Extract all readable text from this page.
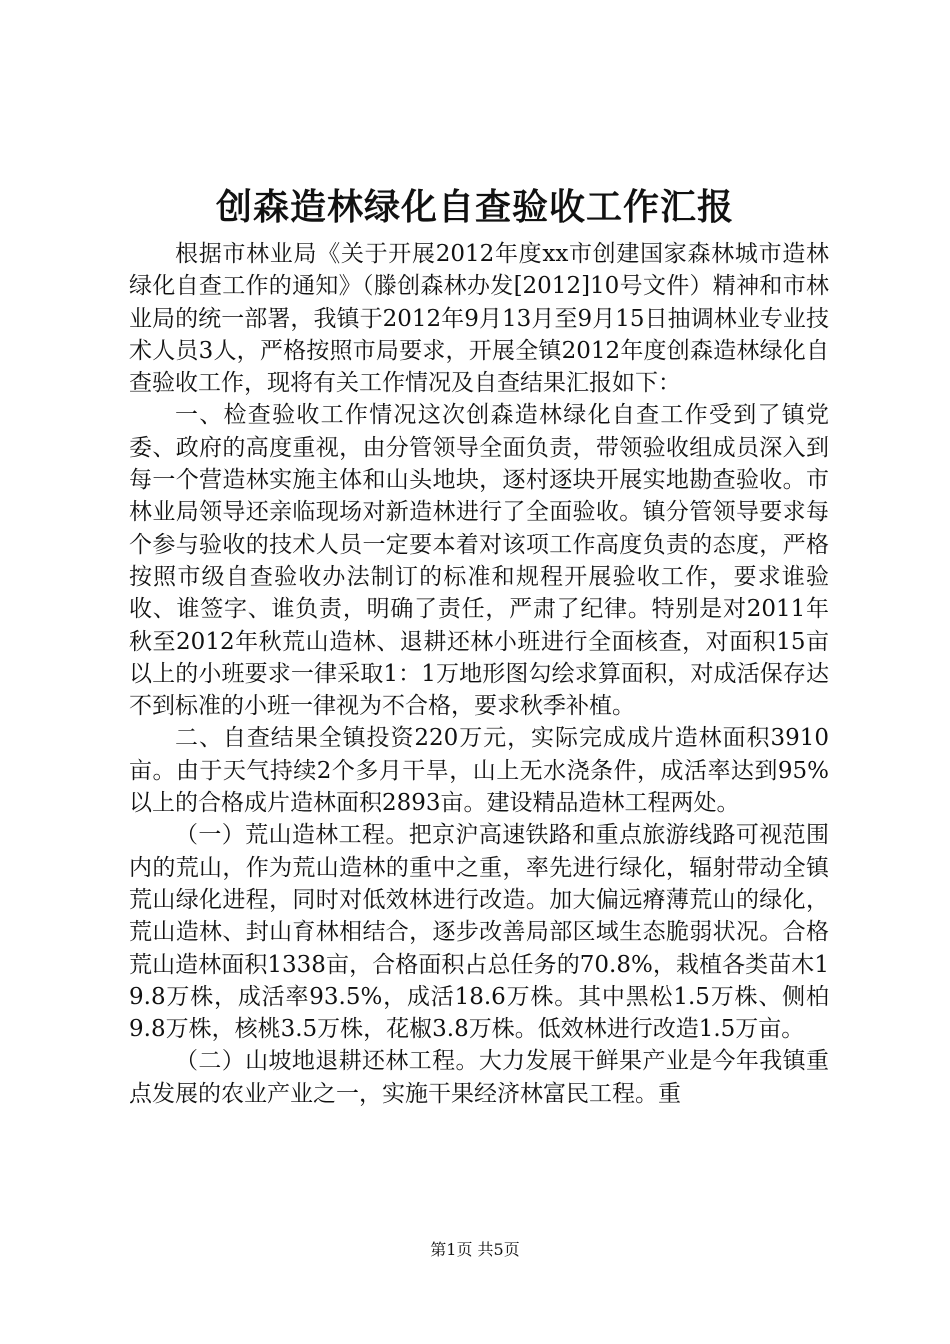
创森造林绿化自查验收工作汇报

根据市林业局《关于开展2012年度xx市创建国家森林城市造林绿化自查工作的通知》（滕创森林办发[2012]10号文件）精神和市林业局的统一部署，我镇于2012年9月13月至9月15日抽调林业专业技术人员3人，严格按照市局要求，开展全镇2012年度创森造林绿化自查验收工作，现将有关工作情况及自查结果汇报如下：

一、检查验收工作情况这次创森造林绿化自查工作受到了镇党委、政府的高度重视，由分管领导全面负责，带领验收组成员深入到每一个营造林实施主体和山头地块，逐村逐块开展实地勘查验收。市林业局领导还亲临现场对新造林进行了全面验收。镇分管领导要求每个参与验收的技术人员一定要本着对该项工作高度负责的态度，严格按照市级自查验收办法制订的标准和规程开展验收工作，要求谁验收、谁签字、谁负责，明确了责任，严肃了纪律。特别是对2011年秋至2012年秋荒山造林、退耕还林小班进行全面核查，对面积15亩以上的小班要求一律采取1：1万地形图勾绘求算面积，对成活保存达不到标准的小班一律视为不合格，要求秋季补植。

二、自查结果全镇投资220万元，实际完成成片造林面积3910亩。由于天气持续2个多月干旱，山上无水浇条件，成活率达到95%以上的合格成片造林面积2893亩。建设精品造林工程两处。

（一）荒山造林工程。把京沪高速铁路和重点旅游线路可视范围内的荒山，作为荒山造林的重中之重，率先进行绿化，辐射带动全镇荒山绿化进程，同时对低效林进行改造。加大偏远瘠薄荒山的绿化，荒山造林、封山育林相结合，逐步改善局部区域生态脆弱状况。合格荒山造林面积1338亩，合格面积占总任务的70.8%，栽植各类苗木19.8万株，成活率93.5%，成活18.6万株。其中黑松1.5万株、侧柏9.8万株，核桃3.5万株，花椒3.8万株。低效林进行改造1.5万亩。

（二）山坡地退耕还林工程。大力发展干鲜果产业是今年我镇重点发展的农业产业之一，实施干果经济林富民工程。重

第1页 共5页
